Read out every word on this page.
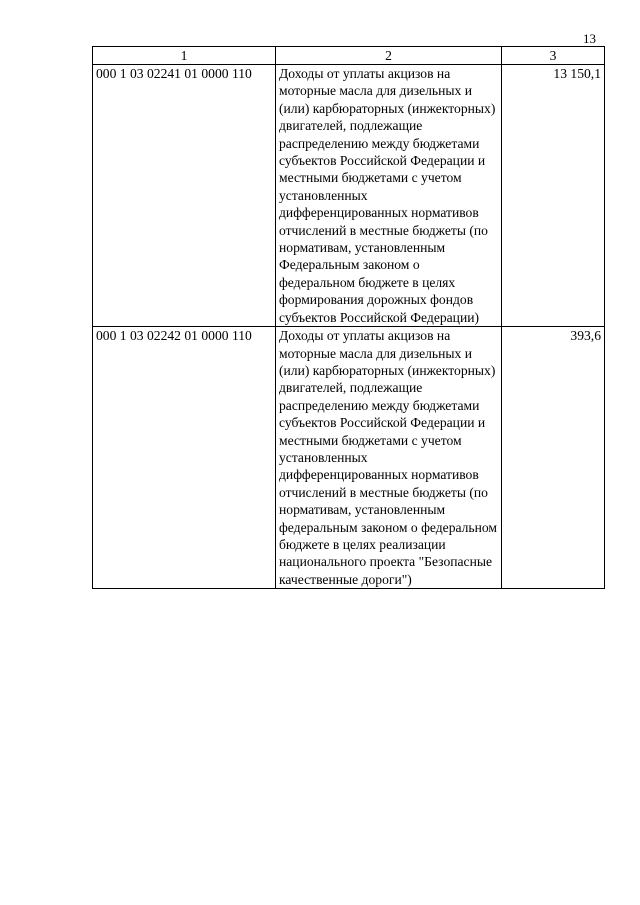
13
1	2	3
000 1 03 02241 01 0000 110	Доходы от уплаты акцизов на моторные масла для дизельных и (или) карбюраторных (инжекторных) двигателей, подлежащие распределению между бюджетами субъектов Российской Федерации и местными бюджетами с учетом установленных дифференцированных нормативов отчислений в местные бюджеты (по нормативам, установленным Федеральным законом о федеральном бюджете в целях формирования дорожных фондов субъектов Российской Федерации)	13 150,1
000 1 03 02242 01 0000 110	Доходы от уплаты акцизов на моторные масла для дизельных и (или) карбюраторных (инжекторных) двигателей, подлежащие распределению между бюджетами субъектов Российской Федерации и местными бюджетами с учетом установленных дифференцированных нормативов отчислений в местные бюджеты (по нормативам, установленным федеральным законом о федеральном бюджете в целях реализации национального проекта "Безопасные качественные дороги")	393,6
